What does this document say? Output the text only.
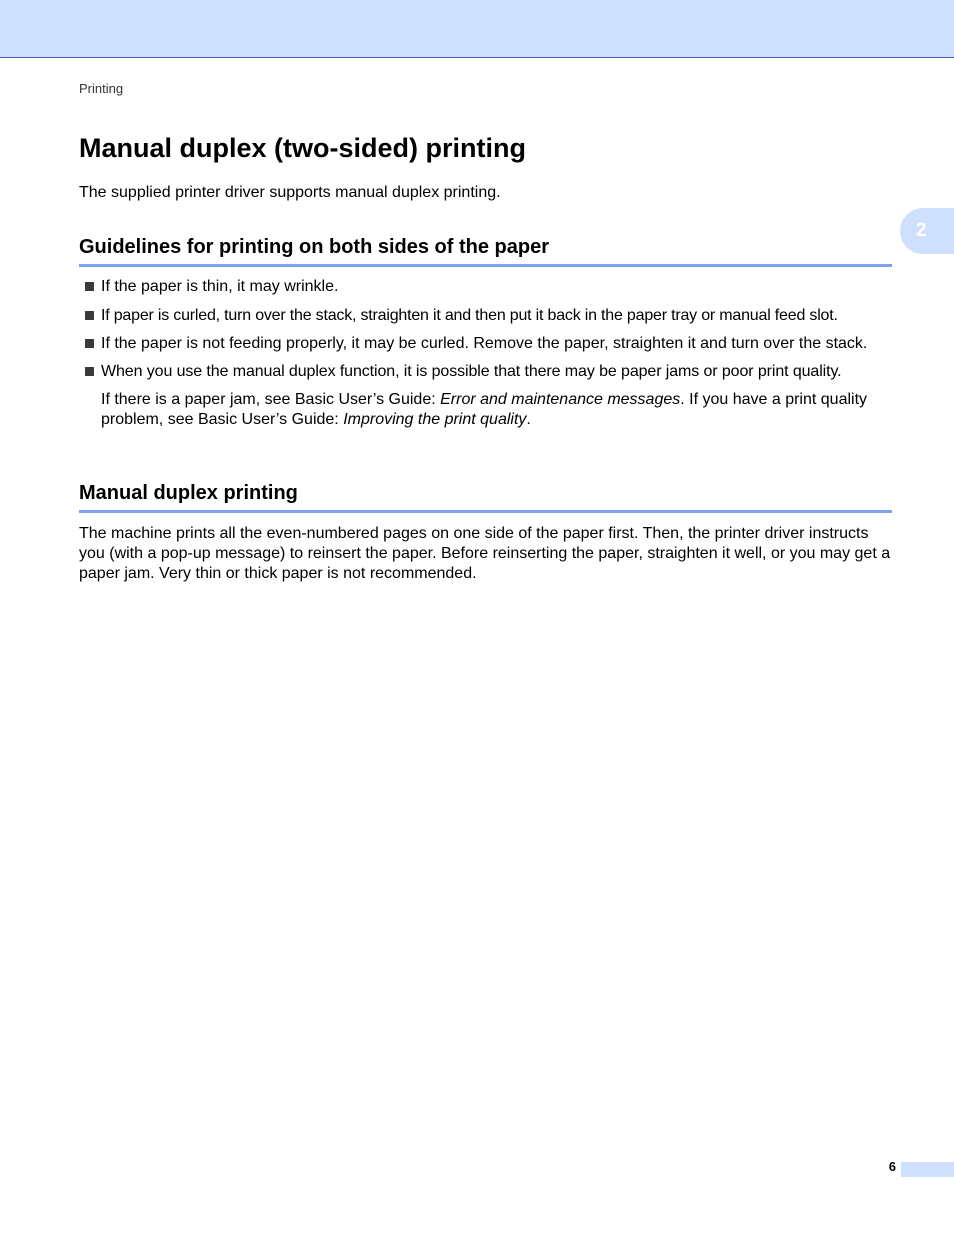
Printing
2
Manual duplex (two-sided) printing

The supplied printer driver supports manual duplex printing.

Guidelines for printing on both sides of the paper
If the paper is thin, it may wrinkle.
If paper is curled, turn over the stack, straighten it and then put it back in the paper tray or manual feed slot.
If the paper is not feeding properly, it may be curled. Remove the paper, straighten it and turn over the stack.
When you use the manual duplex function, it is possible that there may be paper jams or poor print quality.
If there is a paper jam, see Basic User’s Guide: Error and maintenance messages. If you have a print quality problem, see Basic User’s Guide: Improving the print quality.
Manual duplex printing

The machine prints all the even-numbered pages on one side of the paper first. Then, the printer driver instructs you (with a pop-up message) to reinsert the paper. Before reinserting the paper, straighten it well, or you may get a paper jam. Very thin or thick paper is not recommended.

6
